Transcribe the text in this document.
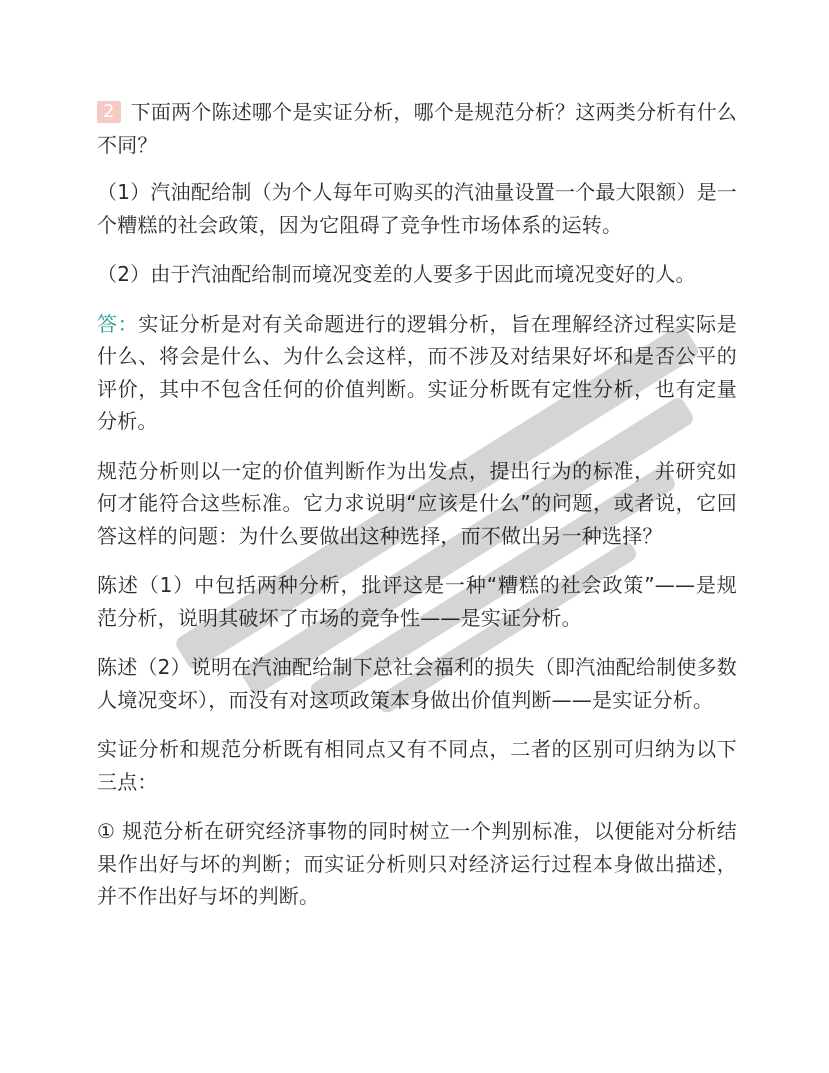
2 下面两个陈述哪个是实证分析，哪个是规范分析？这两类分析有什么不同？

（1）汽油配给制（为个人每年可购买的汽油量设置一个最大限额）是一个糟糕的社会政策，因为它阻碍了竞争性市场体系的运转。

（2）由于汽油配给制而境况变差的人要多于因此而境况变好的人。

答：实证分析是对有关命题进行的逻辑分析，旨在理解经济过程实际是什么、将会是什么、为什么会这样，而不涉及对结果好坏和是否公平的评价，其中不包含任何的价值判断。实证分析既有定性分析，也有定量分析。

规范分析则以一定的价值判断作为出发点，提出行为的标准，并研究如何才能符合这些标准。它力求说明“应该是什么”的问题，或者说，它回答这样的问题：为什么要做出这种选择，而不做出另一种选择？

陈述（1）中包括两种分析，批评这是一种“糟糕的社会政策”——是规范分析，说明其破坏了市场的竞争性——是实证分析。

陈述（2）说明在汽油配给制下总社会福利的损失（即汽油配给制使多数人境况变坏），而没有对这项政策本身做出价值判断——是实证分析。

实证分析和规范分析既有相同点又有不同点，二者的区别可归纳为以下三点：

① 规范分析在研究经济事物的同时树立一个判别标准，以便能对分析结果作出好与坏的判断；而实证分析则只对经济运行过程本身做出描述，并不作出好与坏的判断。
